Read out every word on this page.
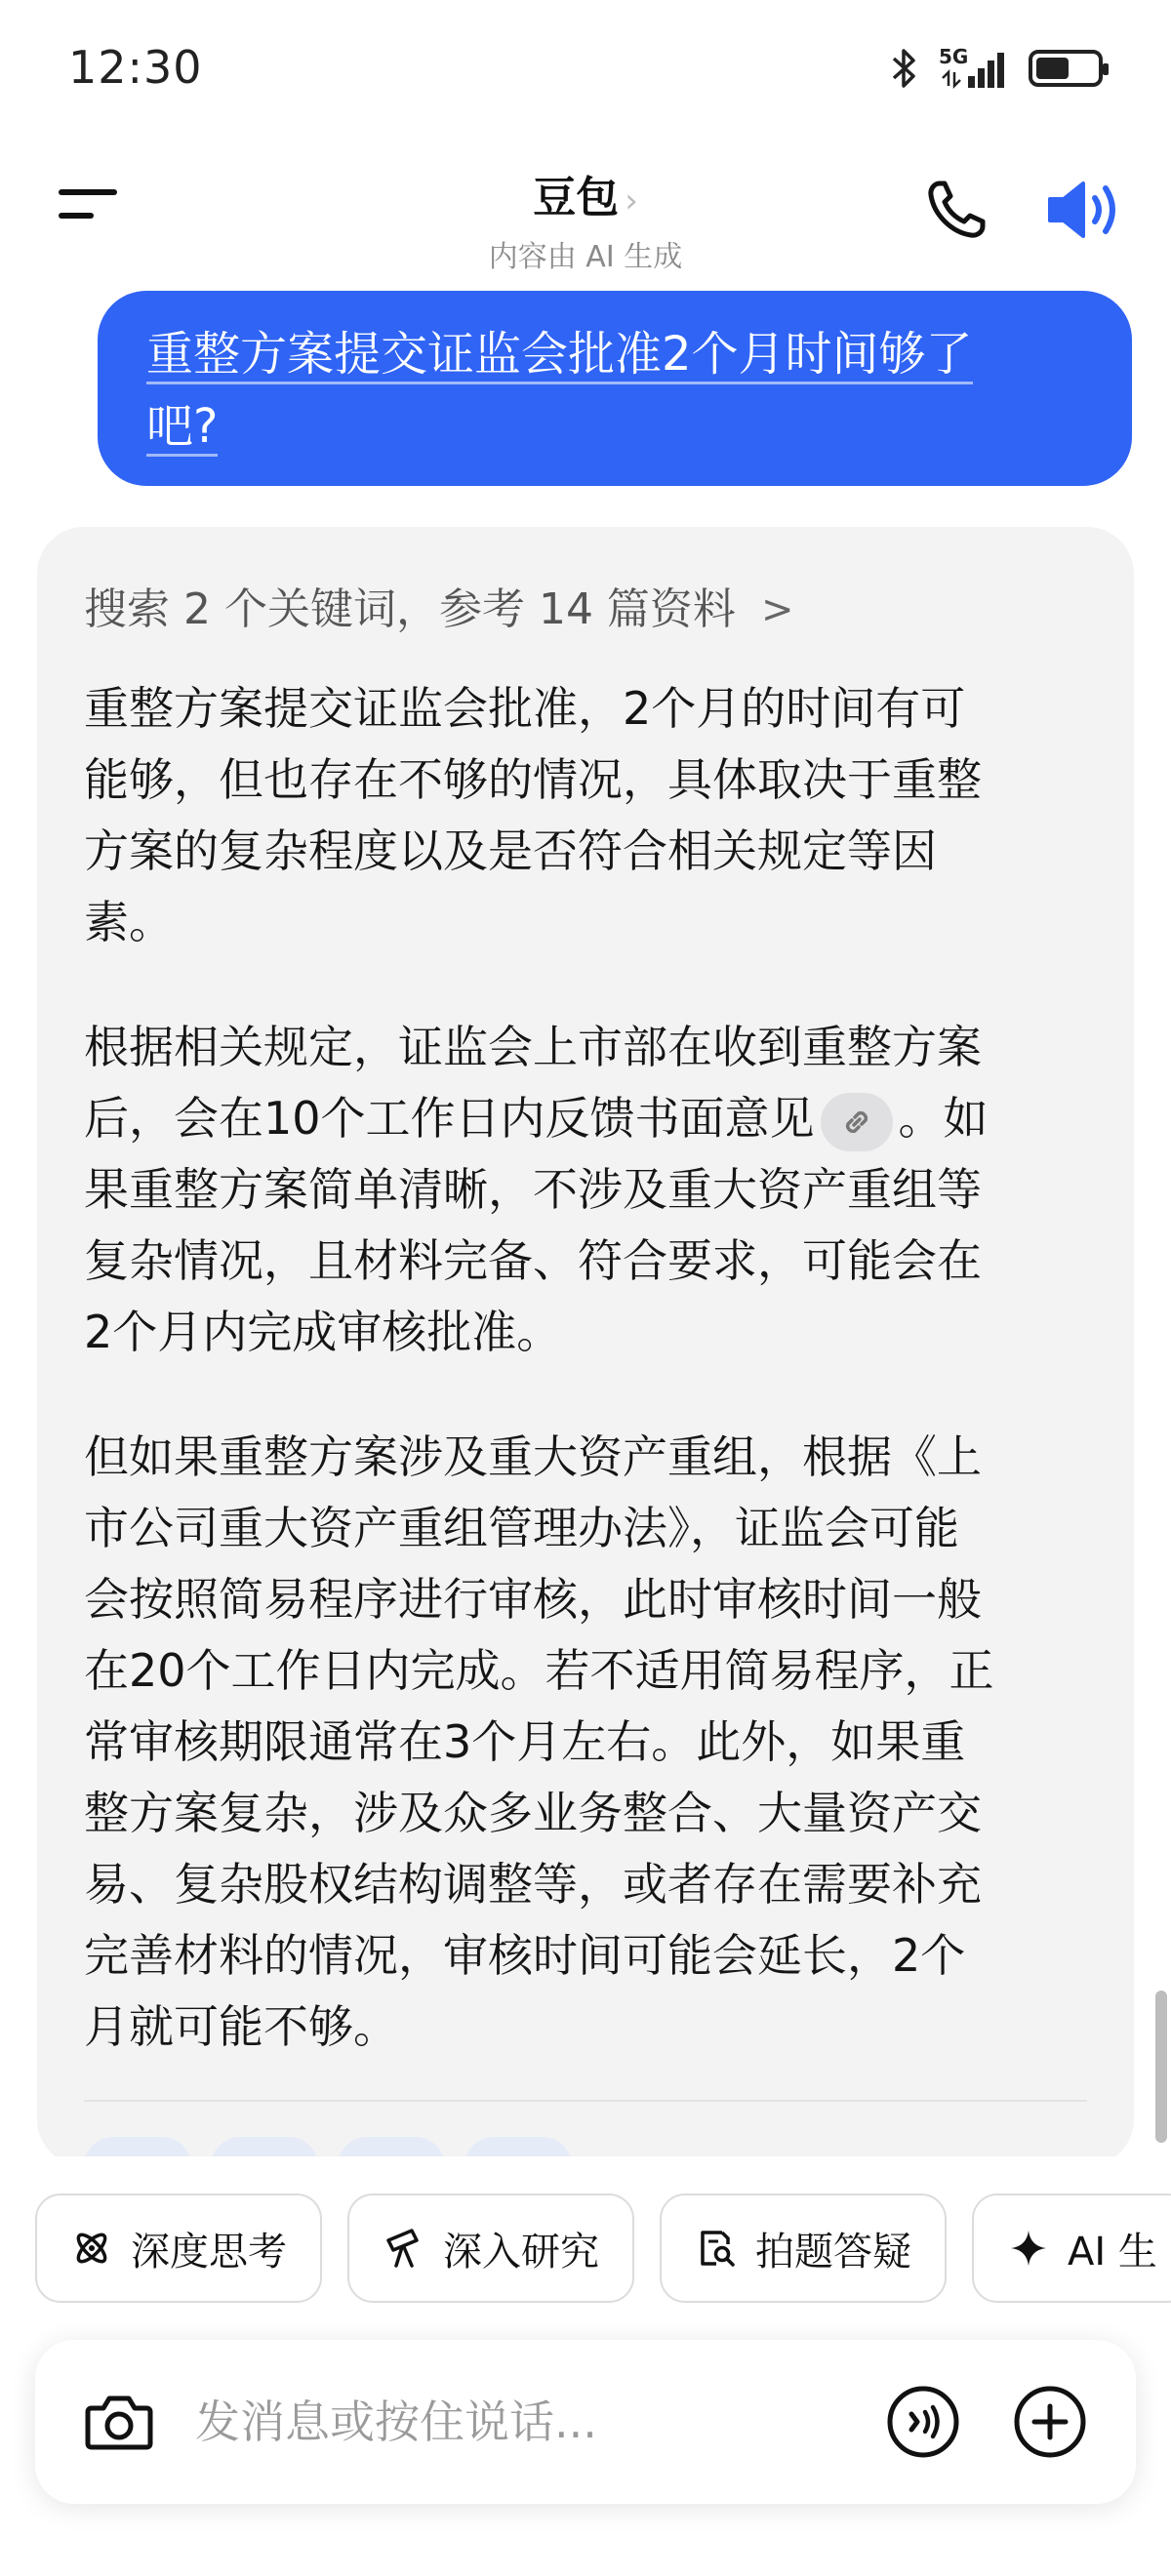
12:30	5G
豆包 ›
内容由 AI 生成
重整方案提交证监会批准2个月时间够了
吧?
搜索 2 个关键词，参考 14 篇资料 >
重整方案提交证监会批准，2个月的时间有可
能够，但也存在不够的情况，具体取决于重整
方案的复杂程度以及是否符合相关规定等因
素。
根据相关规定，证监会上市部在收到重整方案
后，会在10个工作日内反馈书面意见 。如
果重整方案简单清晰，不涉及重大资产重组等
复杂情况，且材料完备、符合要求，可能会在
2个月内完成审核批准。
但如果重整方案涉及重大资产重组，根据《上
市公司重大资产重组管理办法》，证监会可能
会按照简易程序进行审核，此时审核时间一般
在20个工作日内完成。若不适用简易程序，正
常审核期限通常在3个月左右。此外，如果重
整方案复杂，涉及众多业务整合、大量资产交
易、复杂股权结构调整等，或者存在需要补充
完善材料的情况，审核时间可能会延长，2个
月就可能不够。
深度思考	深入研究	拍题答疑	AI 生
发消息或按住说话...
